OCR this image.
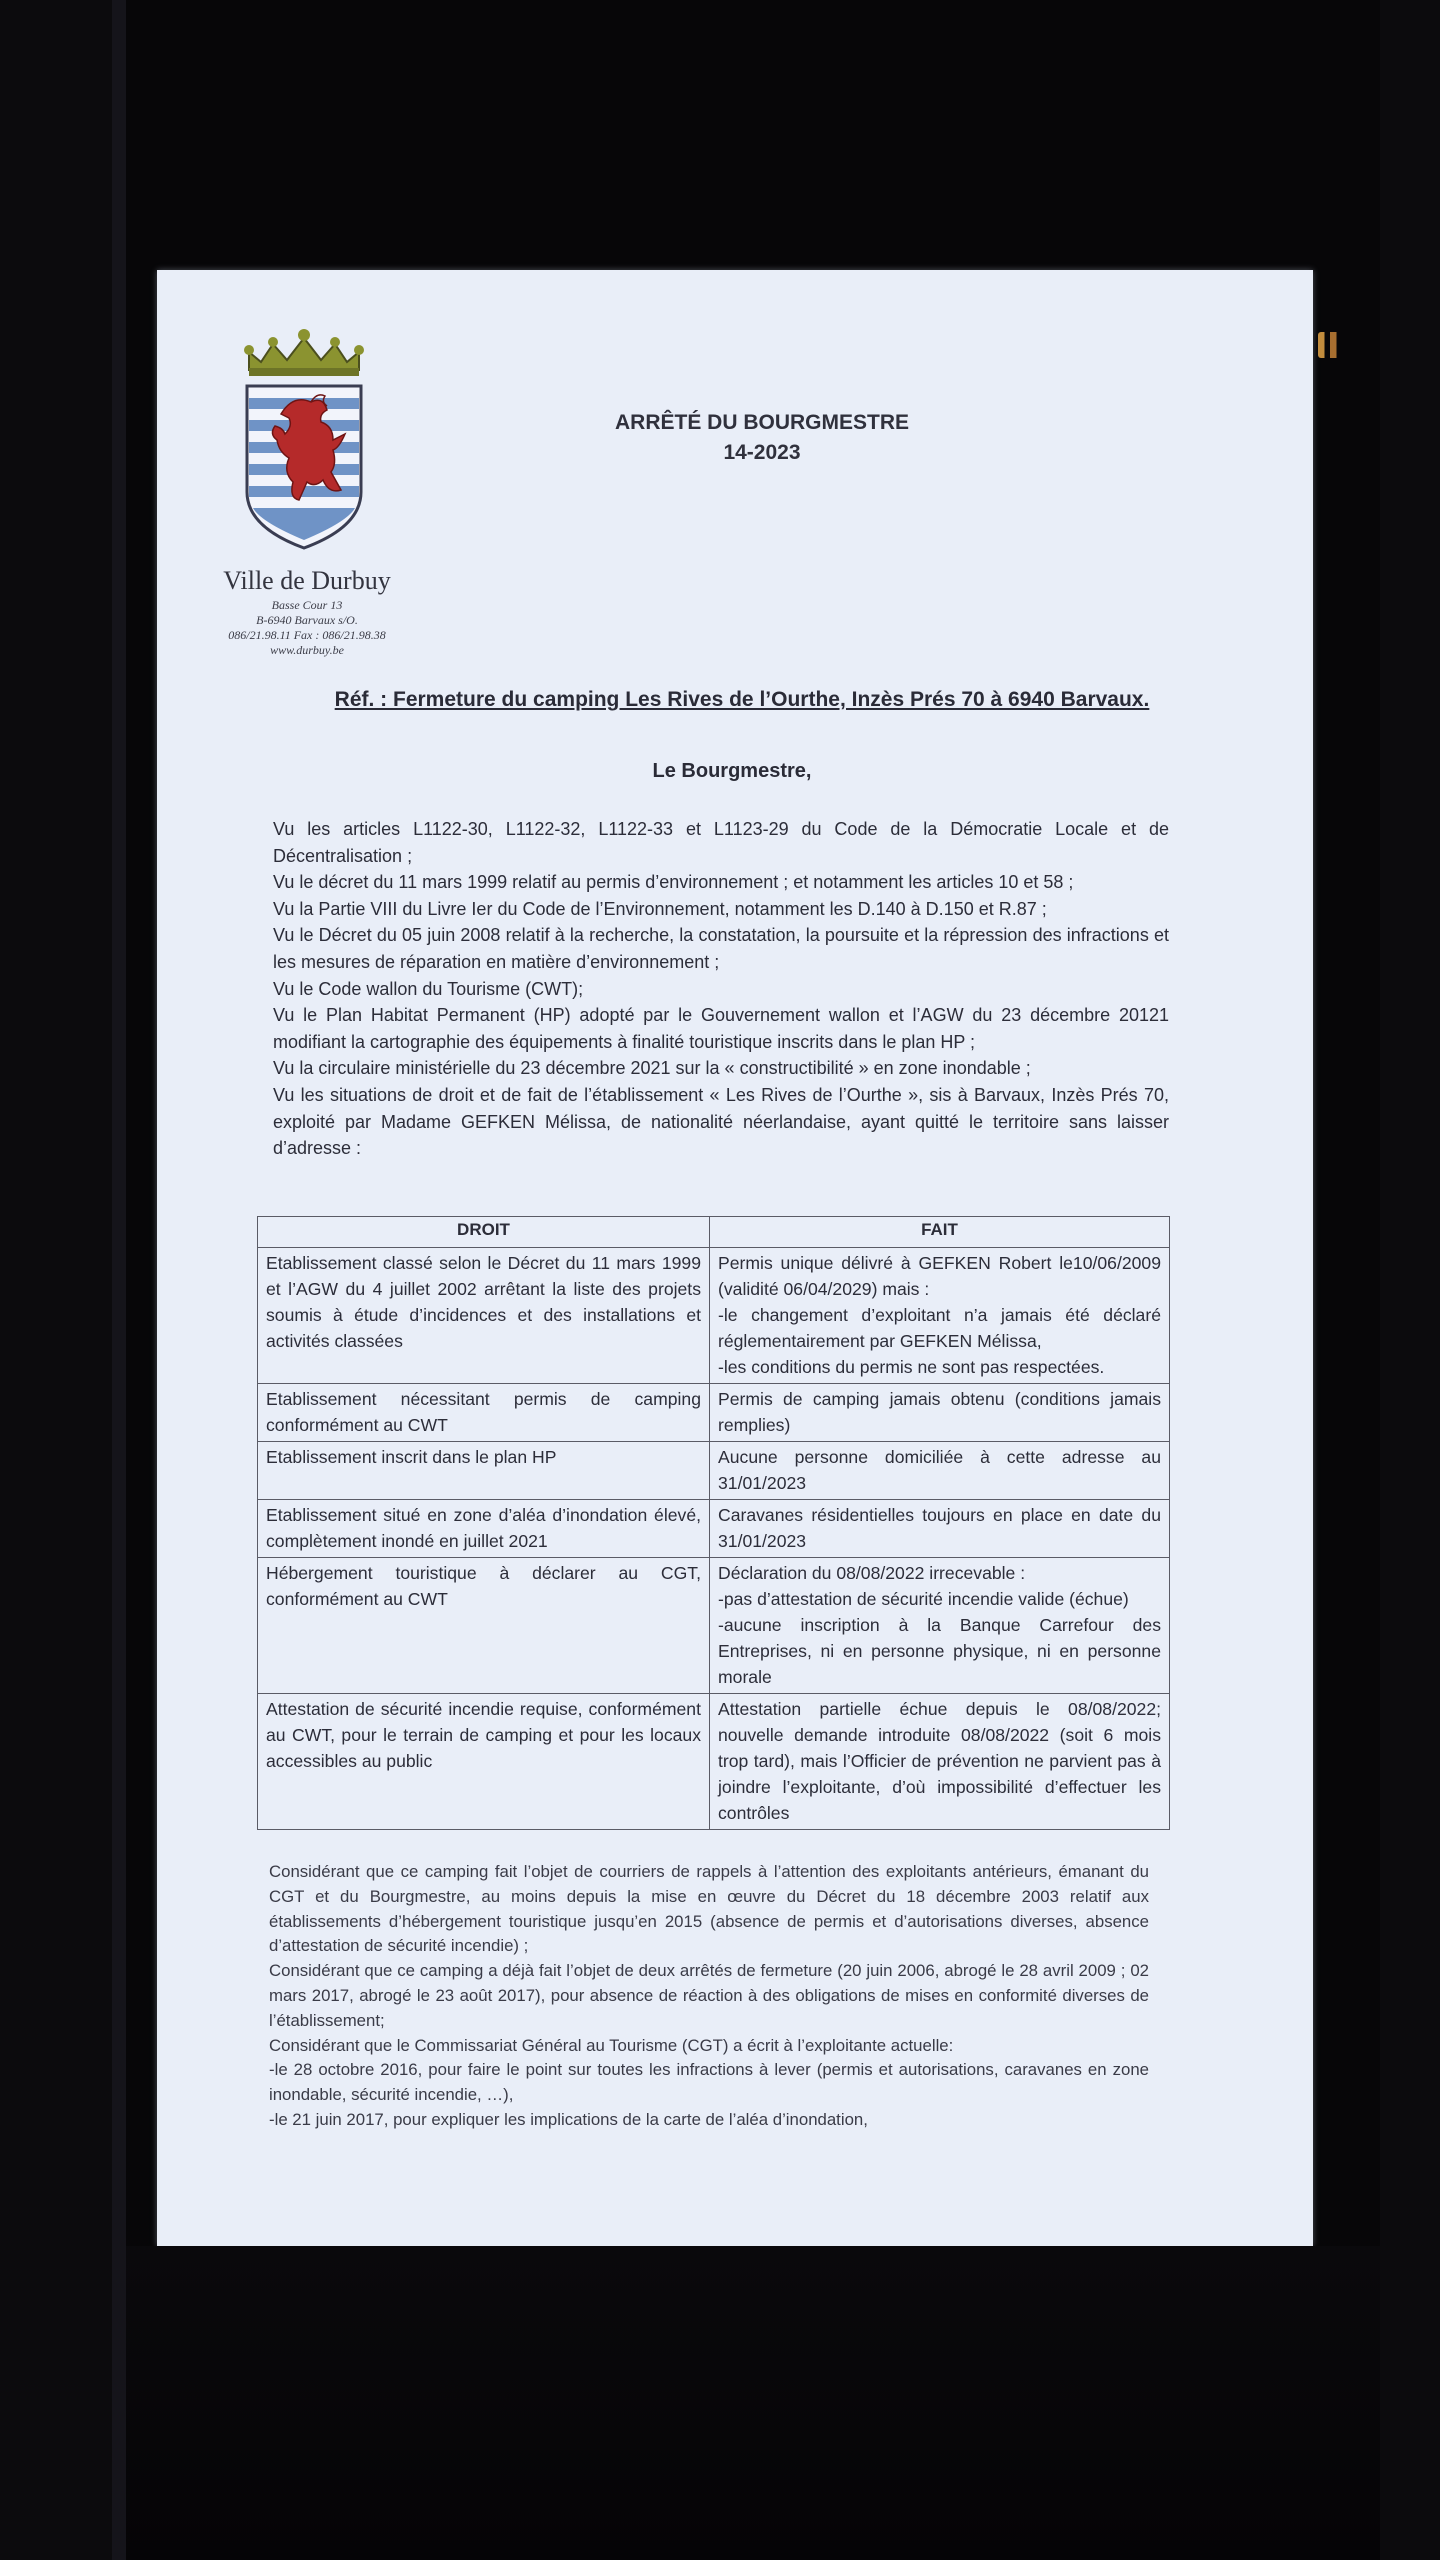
Ville de Durbuy
Basse Cour 13
B-6940 Barvaux s/O.
086/21.98.11 Fax : 086/21.98.38
www.durbuy.be
ARRÊTÉ DU BOURGMESTRE
14-2023
Réf. : Fermeture du camping Les Rives de l’Ourthe, Inzès Prés 70 à 6940 Barvaux.
Le Bourgmestre,

Vu les articles L1122-30, L1122-32, L1122-33 et L1123-29 du Code de la Démocratie Locale et de Décentralisation ;

Vu le décret du 11 mars 1999 relatif au permis d’environnement ; et notamment les articles 10 et 58 ;

Vu la Partie VIII du Livre Ier du Code de l’Environnement, notamment les D.140 à D.150 et R.87 ;

Vu le Décret du 05 juin 2008 relatif à la recherche, la constatation, la poursuite et la répression des infractions et les mesures de réparation en matière d’environnement ;

Vu le Code wallon du Tourisme (CWT);

Vu le Plan Habitat Permanent (HP) adopté par le Gouvernement wallon et l’AGW du 23 décembre 20121 modifiant la cartographie des équipements à finalité touristique inscrits dans le plan HP ;

Vu la circulaire ministérielle du 23 décembre 2021 sur la « constructibilité » en zone inondable ;

Vu les situations de droit et de fait de l’établissement « Les Rives de l’Ourthe », sis à Barvaux, Inzès Prés 70, exploité par Madame GEFKEN Mélissa, de nationalité néerlandaise, ayant quitté le territoire sans laisser d’adresse :

DROIT	FAIT
Etablissement classé selon le Décret du 11 mars 1999 et l’AGW du 4 juillet 2002 arrêtant la liste des projets soumis à étude d’incidences et des installations et activités classées	Permis unique délivré à GEFKEN Robert le10/06/2009 (validité 06/04/2029) mais :
-le changement d’exploitant n’a jamais été déclaré réglementairement par GEFKEN Mélissa,
-les conditions du permis ne sont pas respectées.

Etablissement nécessitant permis de camping conformément au CWT	Permis de camping jamais obtenu (conditions jamais remplies)

Etablissement inscrit dans le plan HP	Aucune personne domiciliée à cette adresse au 31/01/2023

Etablissement situé en zone d’aléa d’inondation élevé, complètement inondé en juillet 2021	Caravanes résidentielles toujours en place en date du 31/01/2023

Hébergement touristique à déclarer au CGT, conformément au CWT	Déclaration du 08/08/2022 irrecevable :
-pas d’attestation de sécurité incendie valide (échue)
-aucune inscription à la Banque Carrefour des Entreprises, ni en personne physique, ni en personne morale

Attestation de sécurité incendie requise, conformément au CWT, pour le terrain de camping et pour les locaux accessibles au public	Attestation partielle échue depuis le 08/08/2022; nouvelle demande introduite 08/08/2022 (soit 6 mois trop tard), mais l’Officier de prévention ne parvient pas à joindre l’exploitante, d’où impossibilité d’effectuer les contrôles

Considérant que ce camping fait l’objet de courriers de rappels à l’attention des exploitants antérieurs, émanant du CGT et du Bourgmestre, au moins depuis la mise en œuvre du Décret du 18 décembre 2003 relatif aux établissements d’hébergement touristique jusqu’en 2015 (absence de permis et d’autorisations diverses, absence d’attestation de sécurité incendie) ;

Considérant que ce camping a déjà fait l’objet de deux arrêtés de fermeture (20 juin 2006, abrogé le 28 avril 2009 ; 02 mars 2017, abrogé le 23 août 2017), pour absence de réaction à des obligations de mises en conformité diverses de l’établissement;

Considérant que le Commissariat Général au Tourisme (CGT) a écrit à l’exploitante actuelle:

-le 28 octobre 2016, pour faire le point sur toutes les infractions à lever (permis et autorisations, caravanes en zone inondable, sécurité incendie, …),

-le 21 juin 2017, pour expliquer les implications de la carte de l’aléa d’inondation,
